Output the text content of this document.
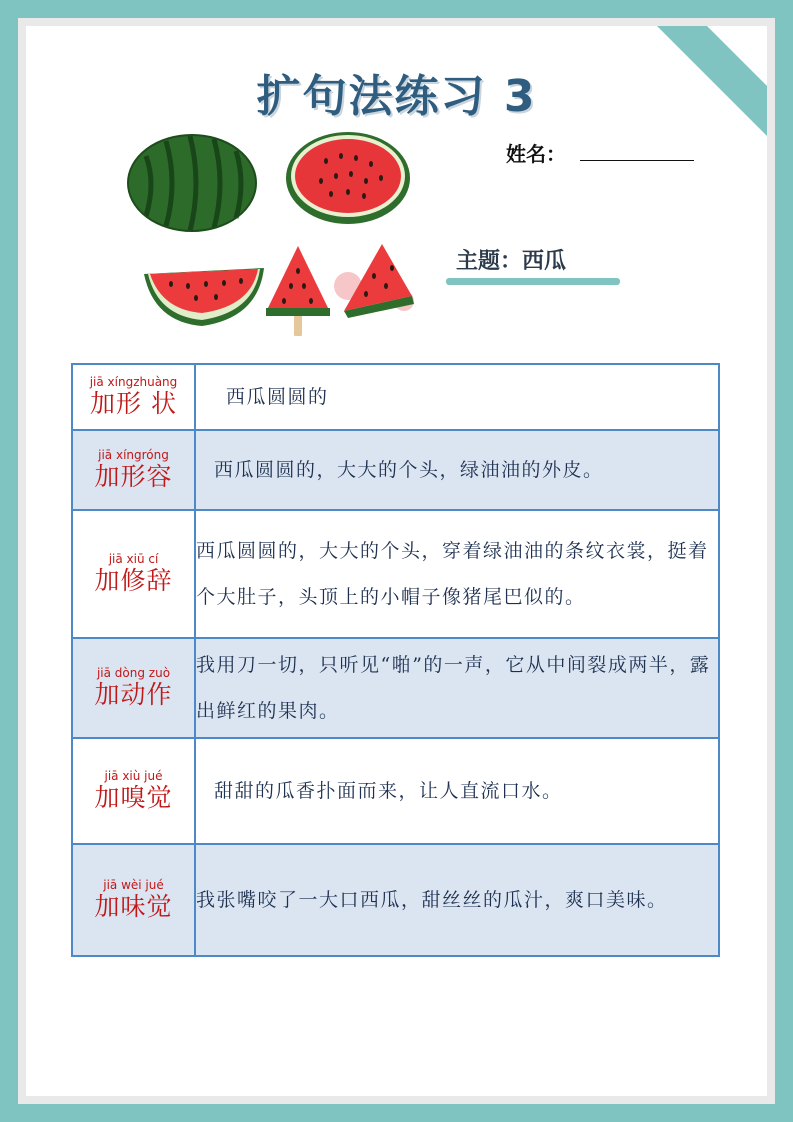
扩句法练习 3
姓名：
主题：西瓜
jiā xíngzhuàng
加形 状	西瓜圆圆的

jiā xíngróng
加形容	西瓜圆圆的，大大的个头，绿油油的外皮。

jiā xiū cí
加修辞	西瓜圆圆的，大大的个头，穿着绿油油的条纹衣裳，挺着个大肚子，头顶上的小帽子像猪尾巴似的。

jiā dòng zuò
加动作	我用刀一切，只听见“啪”的一声，它从中间裂成两半，露出鲜红的果肉。

jiā xiù jué
加嗅觉	甜甜的瓜香扑面而来，让人直流口水。

jiā wèi jué
加味觉	我张嘴咬了一大口西瓜，甜丝丝的瓜汁，爽口美味。
